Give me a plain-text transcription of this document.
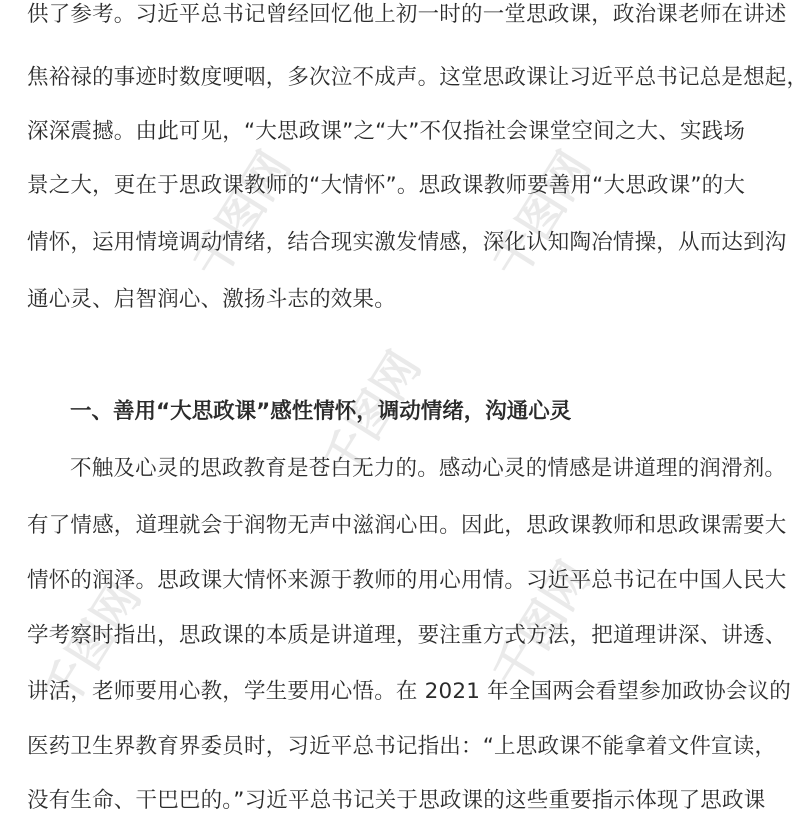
千图网	千图网
千图网
千图网
千图网
供了参考。习近平总书记曾经回忆他上初一时的一堂思政课，政治课老师在讲述
焦裕禄的事迹时数度哽咽，多次泣不成声。这堂思政课让习近平总书记总是想起，
深深震撼。由此可见，“大思政课”之“大”不仅指社会课堂空间之大、实践场
景之大，更在于思政课教师的“大情怀”。思政课教师要善用“大思政课”的大
情怀，运用情境调动情绪，结合现实激发情感，深化认知陶冶情操，从而达到沟
通心灵、启智润心、激扬斗志的效果。
一、善用“大思政课”感性情怀，调动情绪，沟通心灵
不触及心灵的思政教育是苍白无力的。感动心灵的情感是讲道理的润滑剂。
有了情感，道理就会于润物无声中滋润心田。因此，思政课教师和思政课需要大
情怀的润泽。思政课大情怀来源于教师的用心用情。习近平总书记在中国人民大
学考察时指出，思政课的本质是讲道理，要注重方式方法，把道理讲深、讲透、
讲活，老师要用心教，学生要用心悟。在 2021 年全国两会看望参加政协会议的
医药卫生界教育界委员时，习近平总书记指出：“上思政课不能拿着文件宣读，
没有生命、干巴巴的。”习近平总书记关于思政课的这些重要指示体现了思政课
